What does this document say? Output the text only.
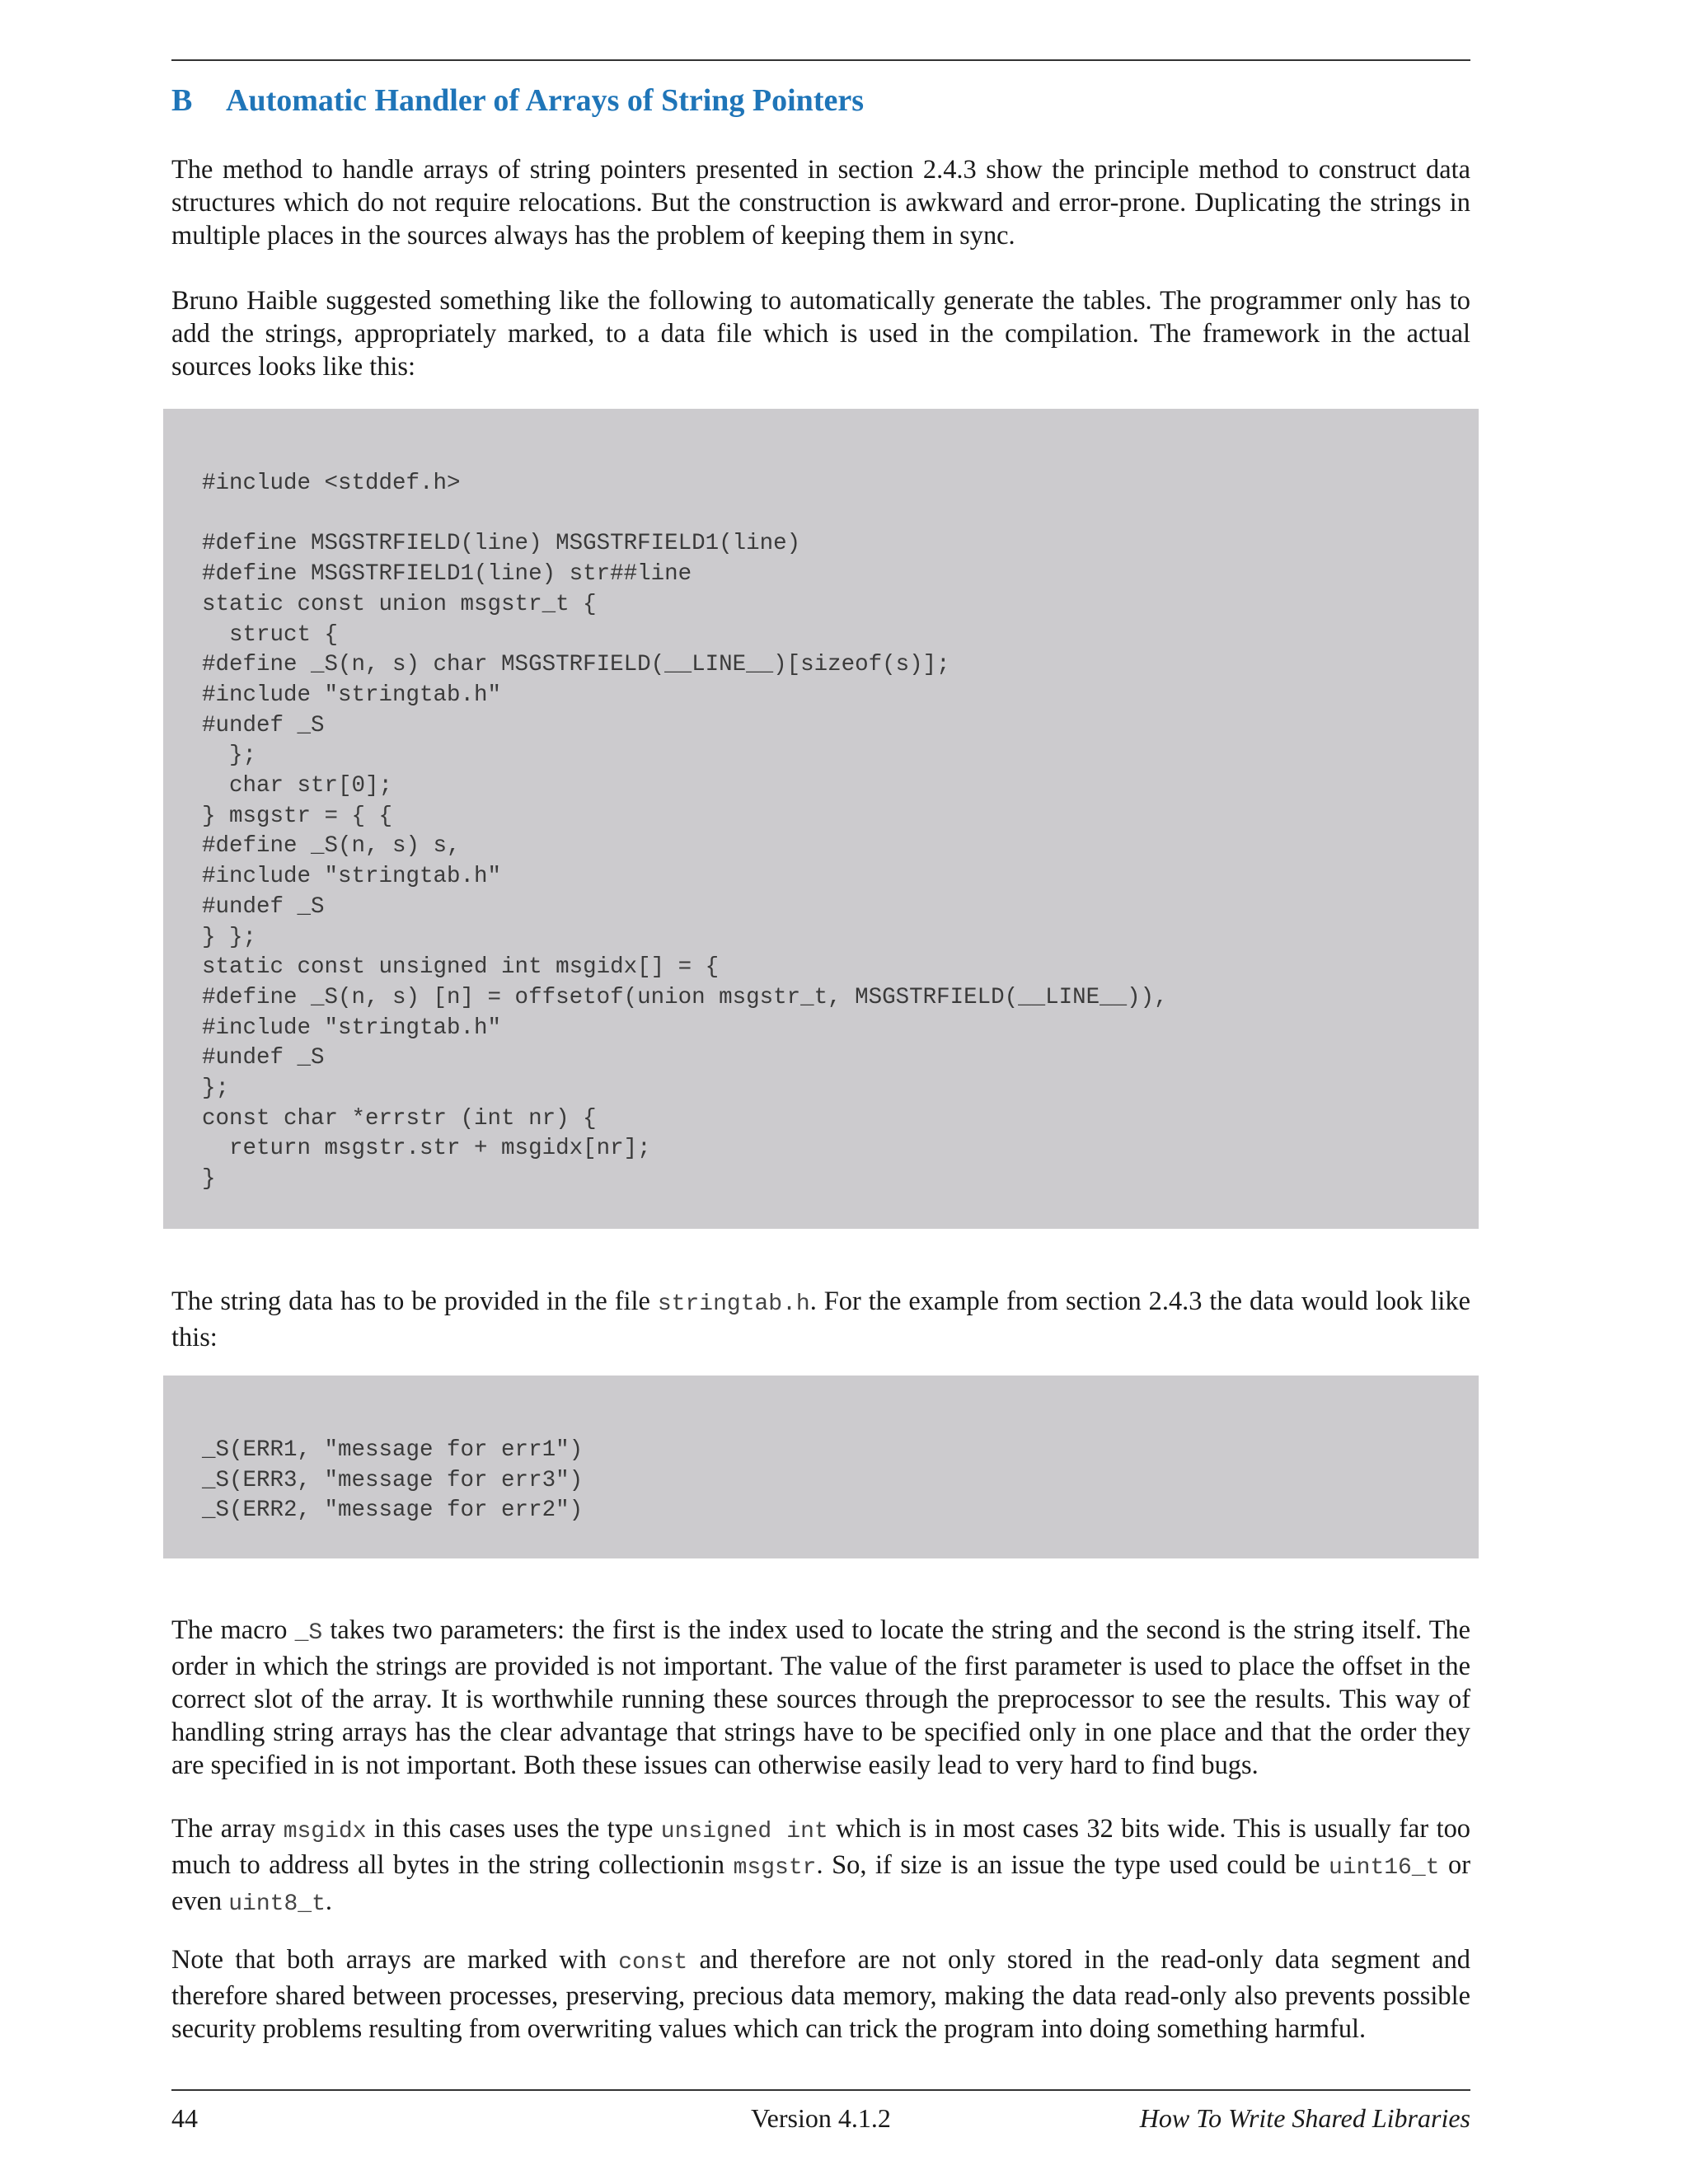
B Automatic Handler of Arrays of String Pointers

The method to handle arrays of string pointers presented in section 2.4.3 show the principle method to construct data structures which do not require relocations. But the construction is awkward and error-prone. Duplicating the strings in multiple places in the sources always has the problem of keeping them in sync.

Bruno Haible suggested something like the following to automatically generate the tables. The programmer only has to add the strings, appropriately marked, to a data file which is used in the compilation. The framework in the actual sources looks like this:

#include <stddef.h>

#define MSGSTRFIELD(line) MSGSTRFIELD1(line)
#define MSGSTRFIELD1(line) str##line
static const union msgstr_t {
struct {
#define _S(n, s) char MSGSTRFIELD(__LINE__)[sizeof(s)];
#include "stringtab.h"
#undef _S
};
char str[0];
} msgstr = { {
#define _S(n, s) s,
#include "stringtab.h"
#undef _S
} };
static const unsigned int msgidx[] = {
#define _S(n, s) [n] = offsetof(union msgstr_t, MSGSTRFIELD(__LINE__)),
#include "stringtab.h"
#undef _S
};
const char *errstr (int nr) {
return msgstr.str + msgidx[nr];
}

The string data has to be provided in the file stringtab.h. For the example from section 2.4.3 the data would look like this:

_S(ERR1, "message for err1")
_S(ERR3, "message for err3")
_S(ERR2, "message for err2")

The macro _S takes two parameters: the first is the index used to locate the string and the second is the string itself. The order in which the strings are provided is not important. The value of the first parameter is used to place the offset in the correct slot of the array. It is worthwhile running these sources through the preprocessor to see the results. This way of handling string arrays has the clear advantage that strings have to be specified only in one place and that the order they are specified in is not important. Both these issues can otherwise easily lead to very hard to find bugs.

The array msgidx in this cases uses the type unsigned int which is in most cases 32 bits wide. This is usually far too much to address all bytes in the string collectionin msgstr. So, if size is an issue the type used could be uint16_t or even uint8_t.

Note that both arrays are marked with const and therefore are not only stored in the read-only data segment and therefore shared between processes, preserving, precious data memory, making the data read-only also prevents possible security problems resulting from overwriting values which can trick the program into doing something harmful.

44	Version 4.1.2	How To Write Shared Libraries
